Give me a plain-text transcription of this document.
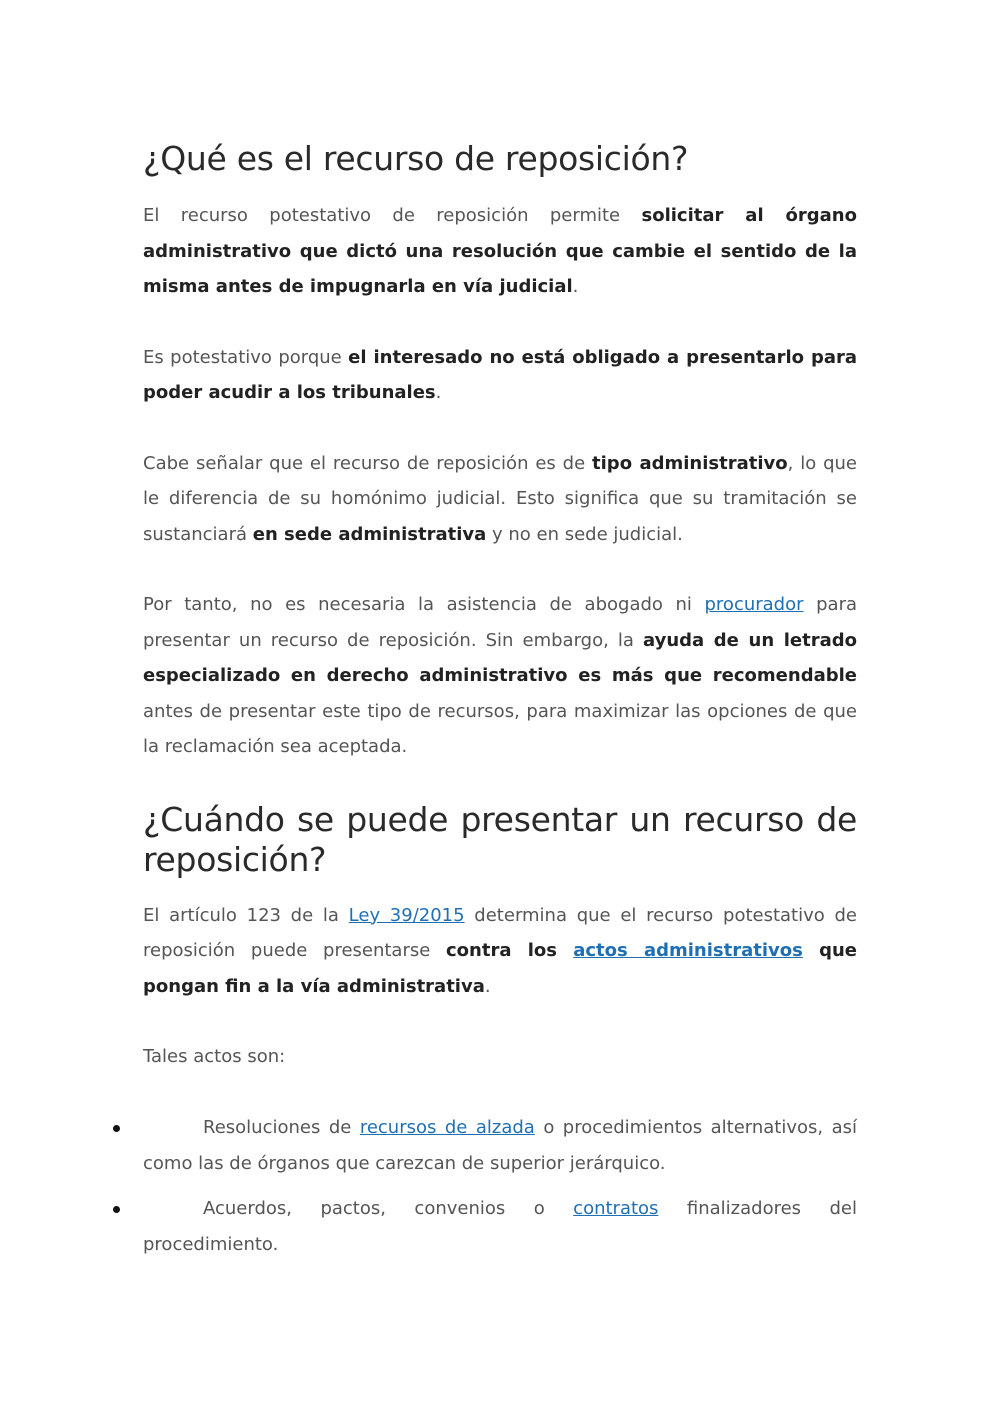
¿Qué es el recurso de reposición?

El recurso potestativo de reposición permite solicitar al órgano administrativo que dictó una resolución que cambie el sentido de la misma antes de impugnarla en vía judicial.

Es potestativo porque el interesado no está obligado a presentarlo para poder acudir a los tribunales.

Cabe señalar que el recurso de reposición es de tipo administrativo, lo que le diferencia de su homónimo judicial. Esto significa que su tramitación se sustanciará en sede administrativa y no en sede judicial.

Por tanto, no es necesaria la asistencia de abogado ni procurador para presentar un recurso de reposición. Sin embargo, la ayuda de un letrado especializado en derecho administrativo es más que recomendable antes de presentar este tipo de recursos, para maximizar las opciones de que la reclamación sea aceptada.

¿Cuándo se puede presentar un recurso de reposición?

El artículo 123 de la Ley 39/2015 determina que el recurso potestativo de reposición puede presentarse contra los actos administrativos que pongan fin a la vía administrativa.

Tales actos son:

Resoluciones de recursos de alzada o procedimientos alternativos, así como las de órganos que carezcan de superior jerárquico.
Acuerdos, pactos, convenios o contratos finalizadores del procedimiento.
